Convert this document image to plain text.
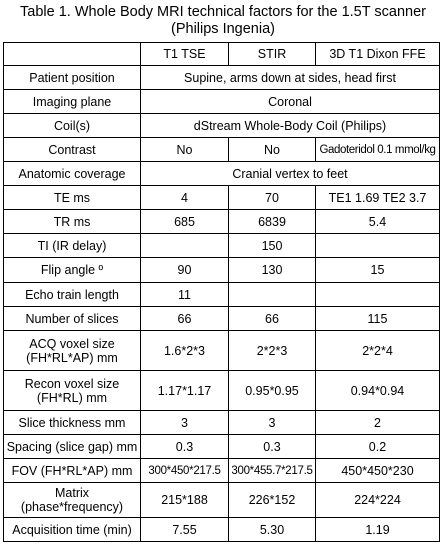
Table 1. Whole Body MRI technical factors for the 1.5T scanner
(Philips Ingenia)
	T1 TSE	STIR	3D T1 Dixon FFE
Patient position	Supine, arms down at sides, head first		
Imaging plane	Coronal		
Coil(s)	dStream Whole-Body Coil (Philips)		
Contrast	No	No	Gadoteridol 0.1 mmol/kg
Anatomic coverage	Cranial vertex to feet		
TE ms	4	70	TE1 1.69 TE2 3.7
TR ms	685	6839	5.4
TI (IR delay)		150	
Flip angle º	90	130	15
Echo train length	11		
Number of slices	66	66	115

ACQ voxel size
(FH*RL*AP) mm	1.6*2*3	2*2*3	2*2*4

Recon voxel size
(FH*RL) mm	1.17*1.17	0.95*0.95	0.94*0.94
Slice thickness mm	3	3	2
Spacing (slice gap) mm	0.3	0.3	0.2
FOV (FH*RL*AP) mm	300*450*217.5	300*455.7*217.5	450*450*230

Matrix
(phase*frequency)	215*188	226*152	224*224
Acquisition time (min)	7.55	5.30	1.19
